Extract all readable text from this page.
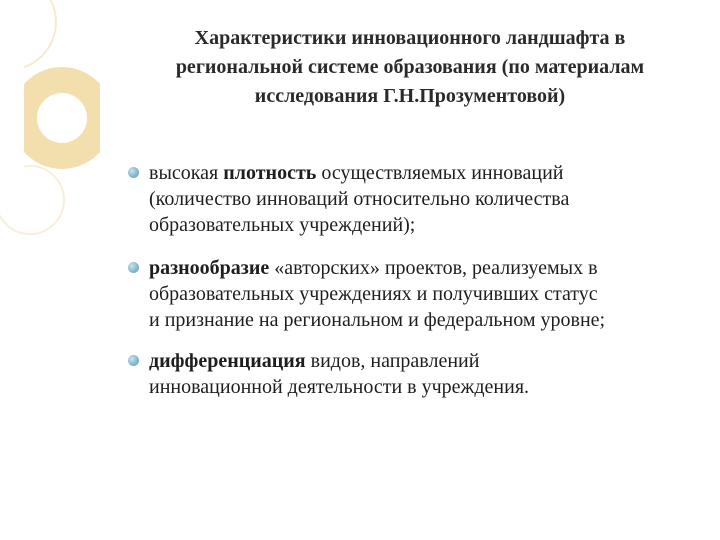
Характеристики инновационного ландшафта в
региональной системе образования (по материалам
исследования Г.Н.Прозументовой)
высокая плотность осуществляемых инноваций
(количество инноваций относительно количества
образовательных учреждений);
разнообразие «авторских» проектов, реализуемых в
образовательных учреждениях и получивших статус
и признание на региональном и федеральном уровне;
дифференциация видов, направлений
инновационной деятельности в учреждения.
